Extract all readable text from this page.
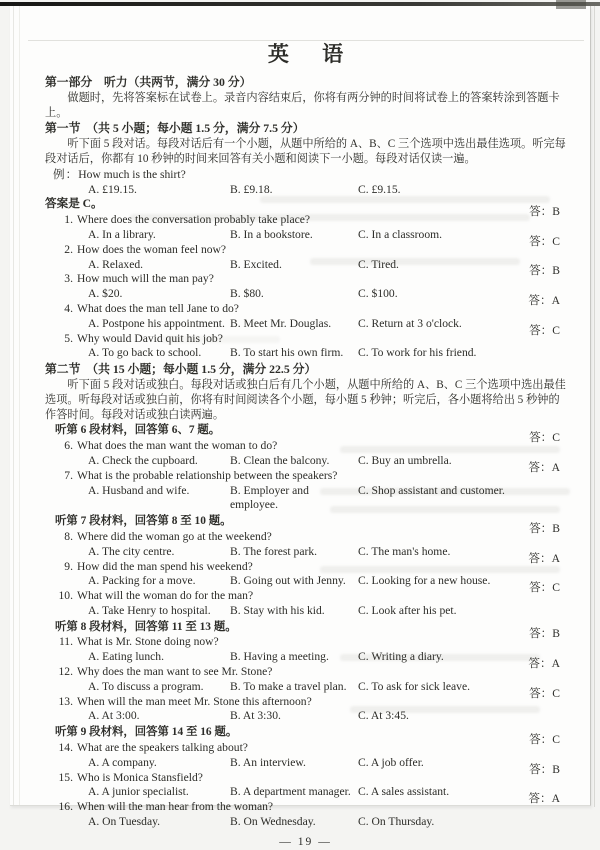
英 语
第一部分　听力（共两节，满分 30 分）

做题时，先将答案标在试卷上。录音内容结束后，你将有两分钟的时间将试卷上的答案转涂到答题卡上。

第一节　（共 5 小题；每小题 1.5 分，满分 7.5 分）

听下面 5 段对话。每段对话后有一个小题，从题中所给的 A、B、C 三个选项中选出最佳选项。听完每段对话后，你都有 10 秒钟的时间来回答有关小题和阅读下一小题。每段对话仅读一遍。

例：How much is the shirt?
A. £19.15.	B. £9.18.	C. £9.15.
答案是 C。
答：B
1. Where does the conversation probably take place?
A. In a library.	B. In a bookstore.	C. In a classroom.
答：C
2. How does the woman feel now?
A. Relaxed.	B. Excited.	C. Tired.
答：B
3. How much will the man pay?
A. $20.	B. $80.	C. $100.
答：A
4. What does the man tell Jane to do?
A. Postpone his appointment. B. Meet Mr. Douglas.	C. Return at 3 o'clock.
答：C
5. Why would David quit his job?
A. To go back to school.	B. To start his own firm.	C. To work for his friend.
第二节　（共 15 小题；每小题 1.5 分，满分 22.5 分）

听下面 5 段对话或独白。每段对话或独白后有几个小题，从题中所给的 A、B、C 三个选项中选出最佳选项。听每段对话或独白前，你将有时间阅读各个小题，每小题 5 秒钟；听完后，各小题将给出 5 秒钟的作答时间。每段对话或独白读两遍。

听第 6 段材料，回答第 6、7 题。
答：C
6. What does the man want the woman to do?
A. Check the cupboard.	B. Clean the balcony.	C. Buy an umbrella.
答：A
7. What is the probable relationship between the speakers?
A. Husband and wife.	B. Employer and employee.
C. Shop assistant and customer.
听第 7 段材料，回答第 8 至 10 题。
答：B
8. Where did the woman go at the weekend?
A. The city centre.	B. The forest park.	C. The man's home.
答：A
9. How did the man spend his weekend?
A. Packing for a move.	B. Going out with Jenny.	C. Looking for a new house.
答：C
10. What will the woman do for the man?
A. Take Henry to hospital.	B. Stay with his kid.	C. Look after his pet.
听第 8 段材料，回答第 11 至 13 题。
答：B
11. What is Mr. Stone doing now?
A. Eating lunch.	B. Having a meeting.	C. Writing a diary.
答：A
12. Why does the man want to see Mr. Stone?
A. To discuss a program.	B. To make a travel plan. C. To ask for sick leave.
答：C
13. When will the man meet Mr. Stone this afternoon?
A. At 3:00.	B. At 3:30.	C. At 3:45.
听第 9 段材料，回答第 14 至 16 题。
答：C
14. What are the speakers talking about?
A. A company.	B. An interview.	C. A job offer.
答：B
15. Who is Monica Stansfield?
A. A junior specialist.	B. A department manager. C. A sales assistant.
答：A
16. When will the man hear from the woman?
A. On Tuesday.	B. On Wednesday.	C. On Thursday.
— 19 —
